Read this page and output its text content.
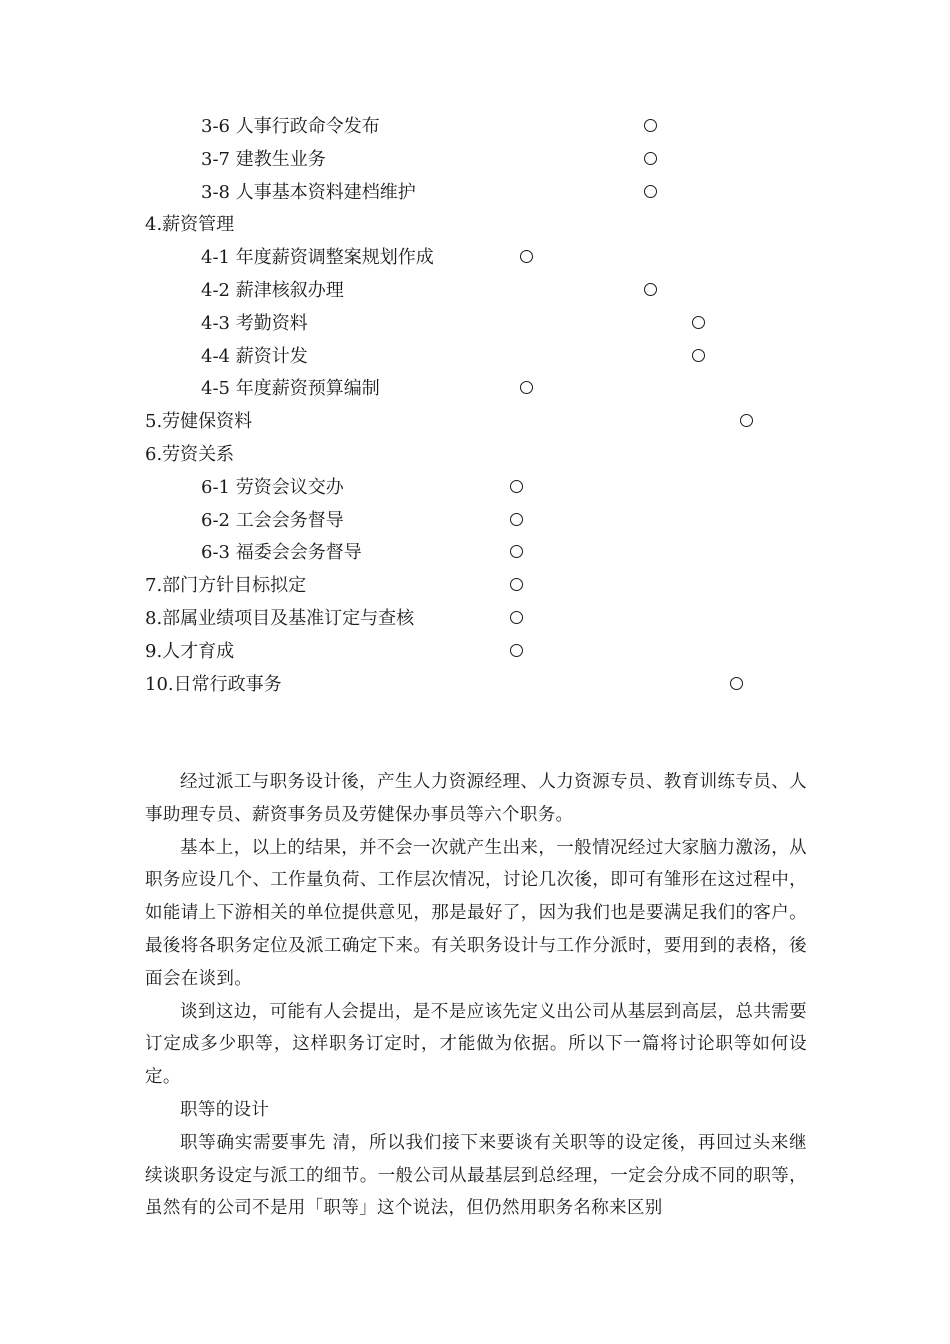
3-6 人事行政命令发布
3-7 建教生业务
3-8 人事基本资料建档维护
4.薪资管理
4-1 年度薪资调整案规划作成
4-2 薪津核叙办理
4-3 考勤资料
4-4 薪资计发
4-5 年度薪资预算编制
5.劳健保资料
6.劳资关系
6-1 劳资会议交办
6-2 工会会务督导
6-3 福委会会务督导
7.部门方针目标拟定
8.部属业绩项目及基准订定与查核
9.人才育成
10.日常行政事务

经过派工与职务设计後，产生人力资源经理、人力资源专员、教育训练专员、人事助理专员、薪资事务员及劳健保办事员等六个职务。

基本上，以上的结果，并不会一次就产生出来，一般情况经过大家脑力激汤，从职务应设几个、工作量负荷、工作层次情况，讨论几次後，即可有雏形在这过程中，如能请上下游相关的单位提供意见，那是最好了，因为我们也是要满足我们的客户。最後将各职务定位及派工确定下来。有关职务设计与工作分派时，要用到的表格，後面会在谈到。

谈到这边，可能有人会提出，是不是应该先定义出公司从基层到高层，总共需要订定成多少职等，这样职务订定时，才能做为依据。所以下一篇将讨论职等如何设定。

职等的设计

职等确实需要事先 清，所以我们接下来要谈有关职等的设定後，再回过头来继续谈职务设定与派工的细节。一般公司从最基层到总经理，一定会分成不同的职等，虽然有的公司不是用「职等」这个说法，但仍然用职务名称来区别
